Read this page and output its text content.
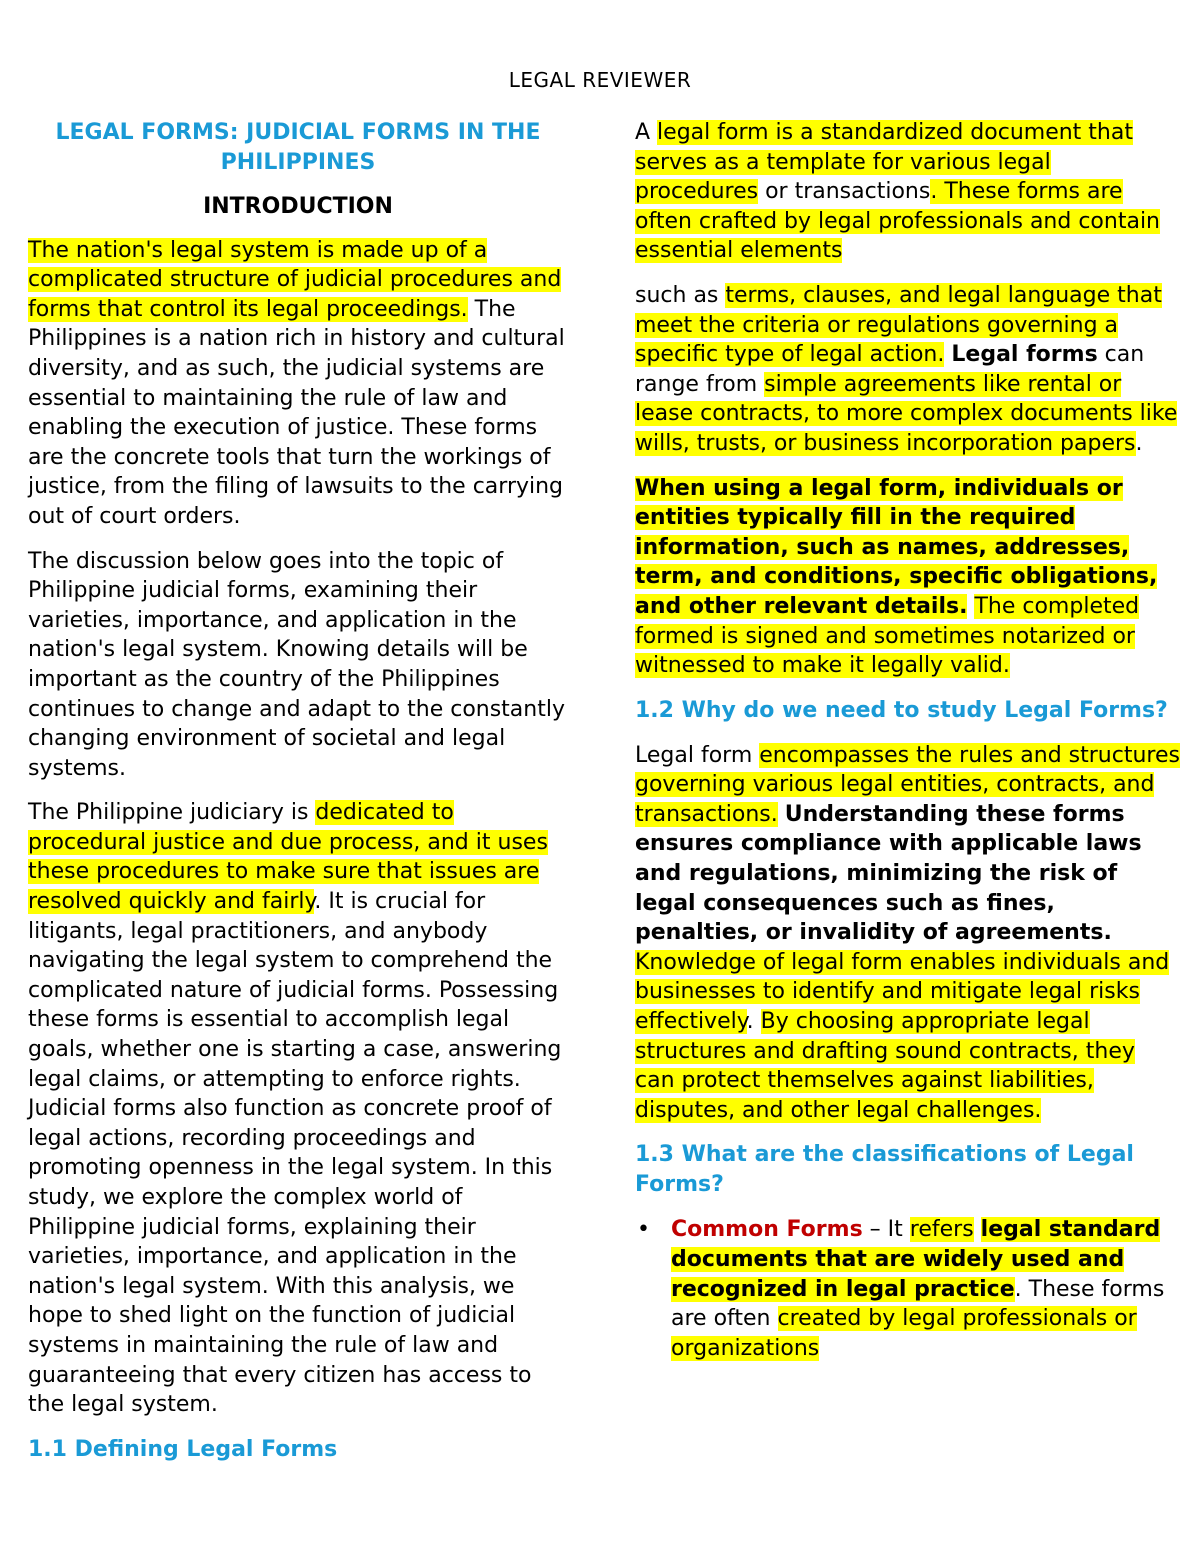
LEGAL REVIEWER
LEGAL FORMS: JUDICIAL FORMS IN THE PHILIPPINES
INTRODUCTION

The nation's legal system is made up of a complicated structure of judicial procedures and forms that control its legal proceedings. The Philippines is a nation rich in history and cultural diversity, and as such, the judicial systems are essential to maintaining the rule of law and enabling the execution of justice. These forms are the concrete tools that turn the workings of justice, from the filing of lawsuits to the carrying out of court orders.

The discussion below goes into the topic of Philippine judicial forms, examining their varieties, importance, and application in the nation's legal system. Knowing details will be important as the country of the Philippines continues to change and adapt to the constantly changing environment of societal and legal systems.

The Philippine judiciary is dedicated to procedural justice and due process, and it uses these procedures to make sure that issues are resolved quickly and fairly. It is crucial for litigants, legal practitioners, and anybody navigating the legal system to comprehend the complicated nature of judicial forms. Possessing these forms is essential to accomplish legal goals, whether one is starting a case, answering legal claims, or attempting to enforce rights. Judicial forms also function as concrete proof of legal actions, recording proceedings and promoting openness in the legal system. In this study, we explore the complex world of Philippine judicial forms, explaining their varieties, importance, and application in the nation's legal system. With this analysis, we hope to shed light on the function of judicial systems in maintaining the rule of law and guaranteeing that every citizen has access to the legal system.

1.1 Defining Legal Forms

A legal form is a standardized document that serves as a template for various legal procedures or transactions. These forms are often crafted by legal professionals and contain essential elements

such as terms, clauses, and legal language that meet the criteria or regulations governing a specific type of legal action. Legal forms can range from simple agreements like rental or lease contracts, to more complex documents like wills, trusts, or business incorporation papers.

When using a legal form, individuals or entities typically fill in the required information, such as names, addresses, term, and conditions, specific obligations, and other relevant details. The completed formed is signed and sometimes notarized or witnessed to make it legally valid.

1.2 Why do we need to study Legal Forms?

Legal form encompasses the rules and structures governing various legal entities, contracts, and transactions. Understanding these forms ensures compliance with applicable laws and regulations, minimizing the risk of legal consequences such as fines, penalties, or invalidity of agreements. Knowledge of legal form enables individuals and businesses to identify and mitigate legal risks effectively. By choosing appropriate legal structures and drafting sound contracts, they can protect themselves against liabilities, disputes, and other legal challenges.

1.3 What are the classifications of Legal Forms?
• Common Forms – It refers legal standard documents that are widely used and recognized in legal practice. These forms are often created by legal professionals or organizations
